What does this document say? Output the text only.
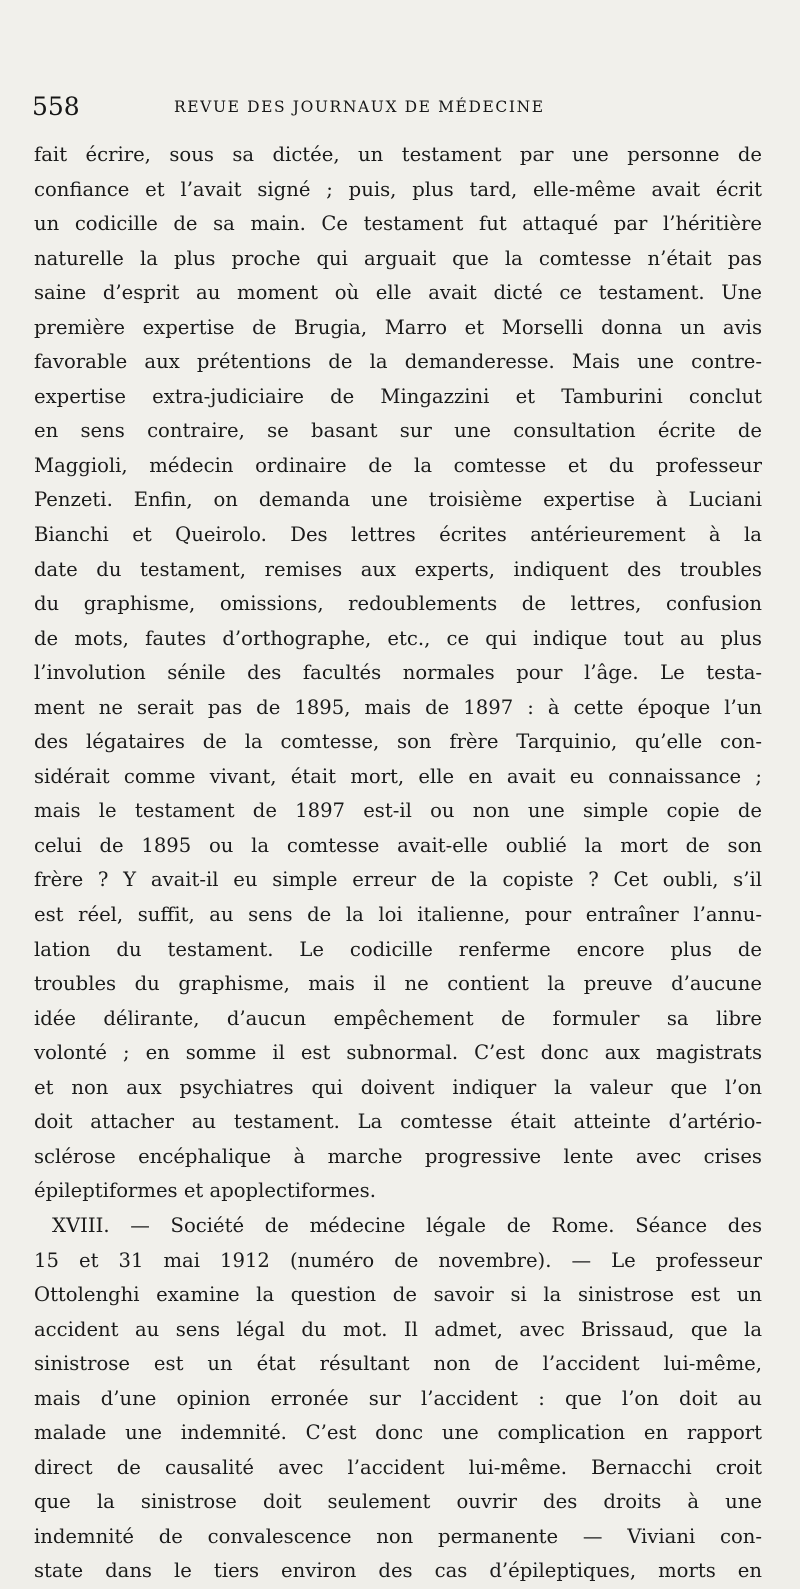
558	REVUE DES JOURNAUX DE MÉDECINE
fait écrire, sous sa dictée, un testament par une personne de
confiance et l’avait signé ; puis, plus tard, elle-même avait écrit
un codicille de sa main. Ce testament fut attaqué par l’héritière
naturelle la plus proche qui arguait que la comtesse n’était pas
saine d’esprit au moment où elle avait dicté ce testament. Une
première expertise de Brugia, Marro et Morselli donna un avis
favorable aux prétentions de la demanderesse. Mais une contre-
expertise extra-judiciaire de Mingazzini et Tamburini conclut
en sens contraire, se basant sur une consultation écrite de
Maggioli, médecin ordinaire de la comtesse et du professeur
Penzeti. Enfin, on demanda une troisième expertise à Luciani
Bianchi et Queirolo. Des lettres écrites antérieurement à la
date du testament, remises aux experts, indiquent des troubles
du graphisme, omissions, redoublements de lettres, confusion
de mots, fautes d’orthographe, etc., ce qui indique tout au plus
l’involution sénile des facultés normales pour l’âge. Le testa-
ment ne serait pas de 1895, mais de 1897 : à cette époque l’un
des légataires de la comtesse, son frère Tarquinio, qu’elle con-
sidérait comme vivant, était mort, elle en avait eu connaissance ;
mais le testament de 1897 est-il ou non une simple copie de
celui de 1895 ou la comtesse avait-elle oublié la mort de son
frère ? Y avait-il eu simple erreur de la copiste ? Cet oubli, s’il
est réel, suffit, au sens de la loi italienne, pour entraîner l’annu-
lation du testament. Le codicille renferme encore plus de
troubles du graphisme, mais il ne contient la preuve d’aucune
idée délirante, d’aucun empêchement de formuler sa libre
volonté ; en somme il est subnormal. C’est donc aux magistrats
et non aux psychiatres qui doivent indiquer la valeur que l’on
doit attacher au testament. La comtesse était atteinte d’artério-
sclérose encéphalique à marche progressive lente avec crises
épileptiformes et apoplectiformes.
XVIII. — Société de médecine légale de Rome. Séance des
15 et 31 mai 1912 (numéro de novembre). — Le professeur
Ottolenghi examine la question de savoir si la sinistrose est un
accident au sens légal du mot. Il admet, avec Brissaud, que la
sinistrose est un état résultant non de l’accident lui-même,
mais d’une opinion erronée sur l’accident : que l’on doit au
malade une indemnité. C’est donc une complication en rapport
direct de causalité avec l’accident lui-même. Bernacchi croit
que la sinistrose doit seulement ouvrir des droits à une
indemnité de convalescence non permanente — Viviani con-
state dans le tiers environ des cas d’épileptiques, morts en
